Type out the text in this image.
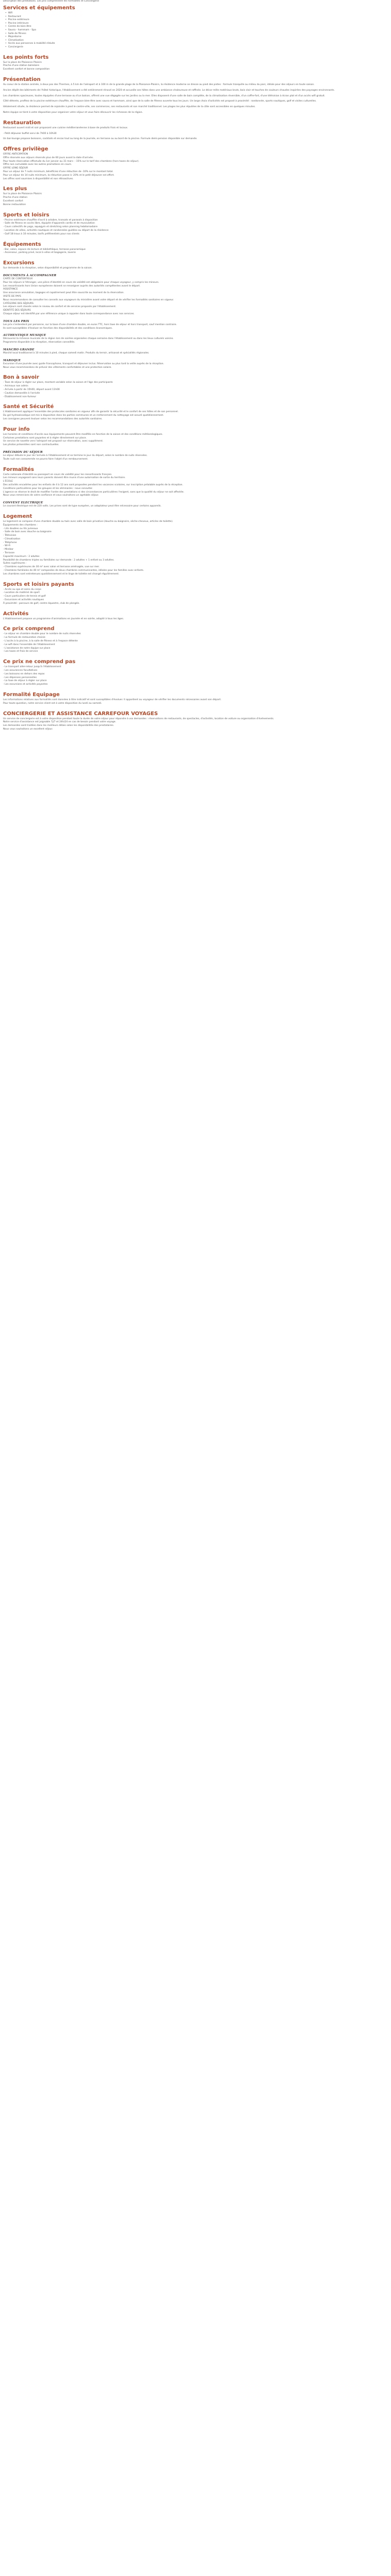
Description des prestations. Les prix comprennent les Formalités et Conciergerie
Services et équipements
• Wifi
• Restaurant
• Piscine extérieure
• Piscine intérieure
• Centre de bien-être
• Sauna - hammam - Spa
• Salle de fitness
• Majordome
• Climatisation
• Accès aux personnes à mobilité réduite
• Conciergerie
Les points forts
Sur la place de Plaisance Plaisirs
Proche d'une station balnéaire
Excellent confort et bonne composition
Présentation

Au coeur de la station animée, à deux pas des Thermes, à 5 km de l'aéroport et à 100 m de la grande plage de la Plaisance-Plaisirs, la résidence moderne se dresse au pied des pistes : formule tranquille au milieu du parc, idéale pour des séjours en toute saison.

Ancien dépôt des bâtiments de l'hôtel historique, l'établissement a été entièrement rénové en 2020 et accueille ses hôtes dans une ambiance chaleureuse et raffinée. Le décor mêle matériaux bruts, bois clair et touches de couleurs chaudes inspirées des paysages environnants.

Les chambres spacieuses, toutes équipées d'une terrasse ou d'un balcon, offrent une vue dégagée sur les jardins ou la mer. Elles disposent d'une salle de bain complète, de la climatisation réversible, d'un coffre-fort, d'une télévision à écran plat et d'un accès wifi gratuit.

Côté détente, profitez de la piscine extérieure chauffée, de l'espace bien-être avec sauna et hammam, ainsi que de la salle de fitness ouverte tous les jours. Un large choix d'activités est proposé à proximité : randonnée, sports nautiques, golf et visites culturelles.

Idéalement située, la résidence permet de rejoindre à pied le centre-ville, ses commerces, ses restaurants et son marché traditionnel. Les plages les plus réputées de la côte sont accessibles en quelques minutes.

Notre équipe se tient à votre disposition pour organiser votre séjour et vous faire découvrir les richesses de la région.

Restauration

Restaurant ouvert midi et soir proposant une cuisine méditerranéenne à base de produits frais et locaux.

- Petit déjeuner buffet servi de 7h00 à 10h30

Un bar-lounge propose boissons, cocktails et encas tout au long de la journée, en terrasse ou au bord de la piscine. Formule demi-pension disponible sur demande.

Offres privilège
OFFRE ANTICIPATION
Offre réservée aux séjours réservés plus de 60 jours avant la date d'arrivée.
Pour toute réservation effectuée du 1er janvier au 31 mars : -15% sur le tarif des chambres (hors taxes de séjour).
Offre non cumulable avec les autres promotions en cours.
OFFRE LONG SÉJOUR
Pour un séjour de 7 nuits minimum, bénéficiez d'une réduction de -10% sur le montant total.
Pour un séjour de 14 nuits minimum, la réduction passe à -20% et le petit déjeuner est offert.
Les offres sont soumises à disponibilité et non rétroactives.
Les plus
Sur la place de Plaisance Plaisirs
Proche d'une station
Excellent confort
Bonne restauration
Sports et loisirs
- Piscine extérieure chauffée d'avril à octobre, transats et parasols à disposition
- Salle de fitness en accès libre, équipée d'appareils cardio et de musculation
- Cours collectifs de yoga, aquagym et stretching selon planning hebdomadaire
- Location de vélos, activités nautiques et randonnées guidées au départ de la résidence
- Golf 18 trous à 10 minutes, tarifs préférentiels pour nos clients
Équipements
- Bar, salon, espace de lecture et bibliothèque, terrasse panoramique
- Ascenseur, parking privé, local à vélos et bagagerie, laverie
Excursions
Sur demande à la réception, selon disponibilité et programme de la saison.
DOCUMENTS À ACCOMPAGNER
CARTE DE CONTENTIEUX
Pour les séjours à l'étranger, une pièce d'identité en cours de validité est obligatoire pour chaque voyageur, y compris les mineurs.
Les ressortissants hors Union européenne doivent se renseigner auprès des autorités compétentes avant le départ.
ASSISTANCE
Une assurance annulation, bagages et rapatriement peut être souscrite au moment de la réservation.
VISITE DE PAYS
Nous recommandons de consulter les conseils aux voyageurs du ministère avant votre départ et de vérifier les formalités sanitaires en vigueur.
CATÉGORIE DES SÉJOURS
Les séjours sont classés selon le niveau de confort et de services proposés par l'établissement.
IDENTITÉ DES SÉJOURS
Chaque séjour est identifié par une référence unique à rappeler dans toute correspondance avec nos services.
TOUS LES PRIX
Les prix s'entendent par personne, sur la base d'une chambre double, en euros TTC, hors taxe de séjour et hors transport, sauf mention contraire.
Ils sont susceptibles d'évoluer en fonction des disponibilités et des conditions économiques.
AUTHENTIQUE MUSIQUE
Découvrez la richesse musicale de la région lors de soirées organisées chaque semaine dans l'établissement ou dans les lieux culturels voisins.
Programme disponible à la réception, réservation conseillée.
MANCHO GRANDE
Marché local traditionnel à 10 minutes à pied, chaque samedi matin. Produits du terroir, artisanat et spécialités régionales.
MAROQUE
Excursion d'une journée avec guide francophone, transport et déjeuner inclus. Réservation au plus tard la veille auprès de la réception.
Nous vous recommandons de prévoir des vêtements confortables et une protection solaire.
Bon à savoir
- Taxe de séjour à régler sur place, montant variable selon la saison et l'âge des participants
- Animaux non admis
- Arrivée à partir de 15h00, départ avant 11h00
- Caution demandée à l'arrivée
- Établissement non-fumeur
Santé et Sécurité
L'établissement applique l'ensemble des protocoles sanitaires en vigueur afin de garantir la sécurité et le confort de ses hôtes et de son personnel.
Du gel hydroalcoolique est mis à disposition dans les parties communes et un renforcement du nettoyage est assuré quotidiennement.
Les consignes peuvent évoluer selon les recommandations des autorités sanitaires.
Pour info
Les horaires et conditions d'accès aux équipements peuvent être modifiés en fonction de la saison et des conditions météorologiques.
Certaines prestations sont payantes et à régler directement sur place.
Un service de navette vers l'aéroport est proposé sur réservation, avec supplément.
Les photos présentées sont non contractuelles.
PRÉCISION DU SÉJOUR
Le séjour débute le jour de l'arrivée à l'établissement et se termine le jour du départ, selon le nombre de nuits réservées.
Toute nuit non consommée ne pourra faire l'objet d'un remboursement.
Formalités
Carte nationale d'identité ou passeport en cours de validité pour les ressortissants français.
Les mineurs voyageant sans leurs parents doivent être munis d'une autorisation de sortie du territoire.
L'ÉCOLE
Des activités encadrées pour les enfants de 4 à 12 ans sont proposées pendant les vacances scolaires, sur inscription préalable auprès de la réception.
Conditions particulières pour les groupes et les séminaires : nous consulter.
L'agence se réserve le droit de modifier l'ordre des prestations si des circonstances particulières l'exigent, sans que la qualité du séjour ne soit affectée.
Nous vous remercions de votre confiance et vous souhaitons un agréable séjour.
CONVENT ELECTRIQUE
Le courant électrique est de 220 volts. Les prises sont de type européen, un adaptateur peut être nécessaire pour certains appareils.
Logement
Le logement se compose d'une chambre double ou twin avec salle de bain privative (douche ou baignoire, sèche-cheveux, articles de toilette).
Équipements des chambres :
- Lits doubles ou lits jumeaux
- Salle de bain avec douche ou baignoire
- Télévision
- Climatisation
- Téléphone
- Wi-Fi
- Minibar
- Terrasse
Capacité maximum : 2 adultes
Possibilité de chambres triples ou familiales sur demande : 2 adultes + 1 enfant ou 3 adultes.
Suites supérieures :
- Chambres supérieures de 30 m² avec salon et terrasse aménagée, vue sur mer.
- Chambres familiales de 40 m² composées de deux chambres communicantes, idéales pour les familles avec enfants.
Les chambres sont entretenues quotidiennement et le linge de toilette est changé régulièrement.
Sports et loisirs payants
- Accès au spa et soins du corps
- Location de matériel de sport
- Cours particuliers de tennis et golf
- Excursions et activités nautiques
À proximité : parcours de golf, centre équestre, club de plongée.
Activités
L'établissement propose un programme d'animations en journée et en soirée, adapté à tous les âges.
Ce prix comprend
- Le séjour en chambre double pour le nombre de nuits réservées
- La formule de restauration choisie
- L'accès à la piscine, à la salle de fitness et à l'espace détente
- Le wifi dans l'ensemble de l'établissement
- L'assistance de notre équipe sur place
- Les taxes et frais de service
Ce prix ne comprend pas
- Le transport aller-retour jusqu'à l'établissement
- Les assurances facultatives
- Les boissons en dehors des repas
- Les dépenses personnelles
- La taxe de séjour à régler sur place
- Les excursions et activités payantes
Formalité Equipage
Les informations relatives aux formalités sont données à titre indicatif et sont susceptibles d'évoluer. Il appartient au voyageur de vérifier les documents nécessaires avant son départ.
Pour toute question, notre service client est à votre disposition du lundi au samedi.
CONCIERGERIE ET ASSISTANCE CARREFOUR VOYAGES
Un service de conciergerie est à votre disposition pendant toute la durée de votre séjour pour répondre à vos demandes : réservations de restaurants, de spectacles, d'activités, location de voiture ou organisation d'événements.
Notre service d'assistance est joignable 7j/7 et 24h/24 en cas de besoin pendant votre voyage.
Les demandes sont traitées dans les meilleurs délais selon les disponibilités des prestataires.
Nous vous souhaitons un excellent séjour.
